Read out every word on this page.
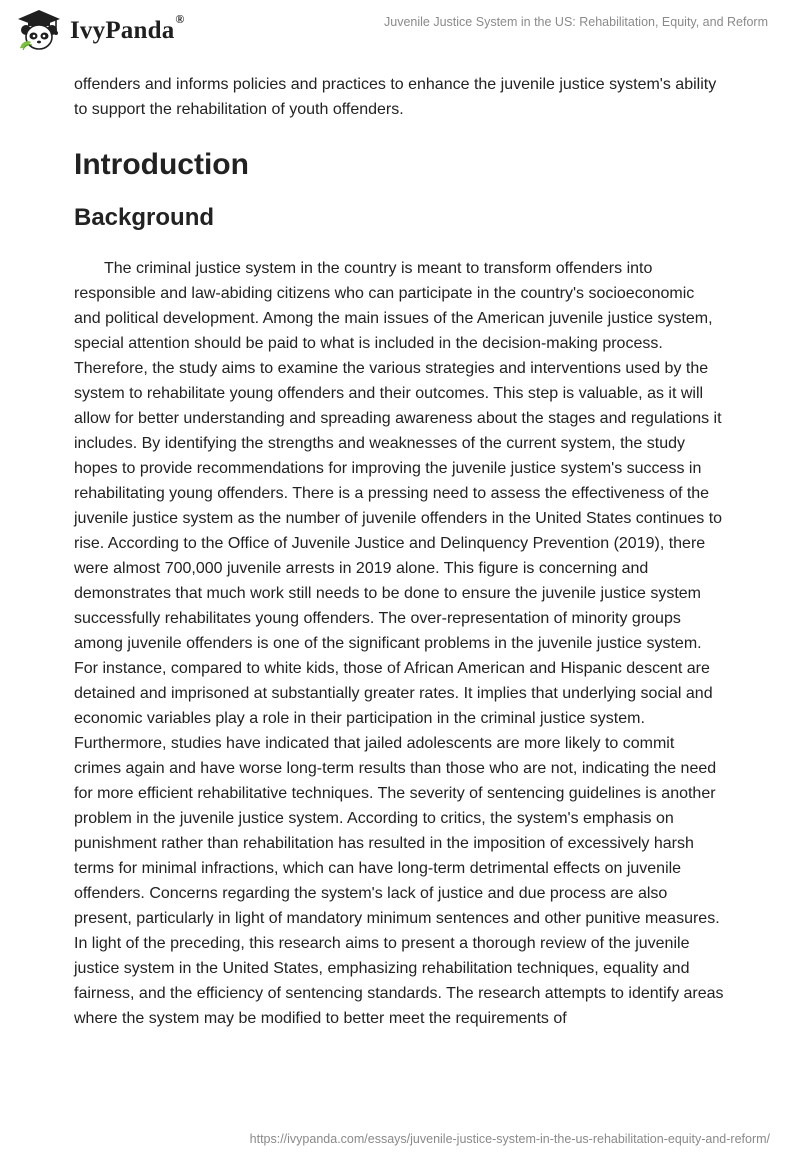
IvyPanda®	Juvenile Justice System in the US: Rehabilitation, Equity, and Reform

offenders and informs policies and practices to enhance the juvenile justice system's ability to support the rehabilitation of youth offenders.

Introduction
Background

The criminal justice system in the country is meant to transform offenders into responsible and law-abiding citizens who can participate in the country's socioeconomic and political development. Among the main issues of the American juvenile justice system, special attention should be paid to what is included in the decision-making process. Therefore, the study aims to examine the various strategies and interventions used by the system to rehabilitate young offenders and their outcomes. This step is valuable, as it will allow for better understanding and spreading awareness about the stages and regulations it includes. By identifying the strengths and weaknesses of the current system, the study hopes to provide recommendations for improving the juvenile justice system's success in rehabilitating young offenders. There is a pressing need to assess the effectiveness of the juvenile justice system as the number of juvenile offenders in the United States continues to rise. According to the Office of Juvenile Justice and Delinquency Prevention (2019), there were almost 700,000 juvenile arrests in 2019 alone. This figure is concerning and demonstrates that much work still needs to be done to ensure the juvenile justice system successfully rehabilitates young offenders. The over-representation of minority groups among juvenile offenders is one of the significant problems in the juvenile justice system. For instance, compared to white kids, those of African American and Hispanic descent are detained and imprisoned at substantially greater rates. It implies that underlying social and economic variables play a role in their participation in the criminal justice system. Furthermore, studies have indicated that jailed adolescents are more likely to commit crimes again and have worse long-term results than those who are not, indicating the need for more efficient rehabilitative techniques. The severity of sentencing guidelines is another problem in the juvenile justice system. According to critics, the system's emphasis on punishment rather than rehabilitation has resulted in the imposition of excessively harsh terms for minimal infractions, which can have long-term detrimental effects on juvenile offenders. Concerns regarding the system's lack of justice and due process are also present, particularly in light of mandatory minimum sentences and other punitive measures. In light of the preceding, this research aims to present a thorough review of the juvenile justice system in the United States, emphasizing rehabilitation techniques, equality and fairness, and the efficiency of sentencing standards. The research attempts to identify areas where the system may be modified to better meet the requirements of

https://ivypanda.com/essays/juvenile-justice-system-in-the-us-rehabilitation-equity-and-reform/
